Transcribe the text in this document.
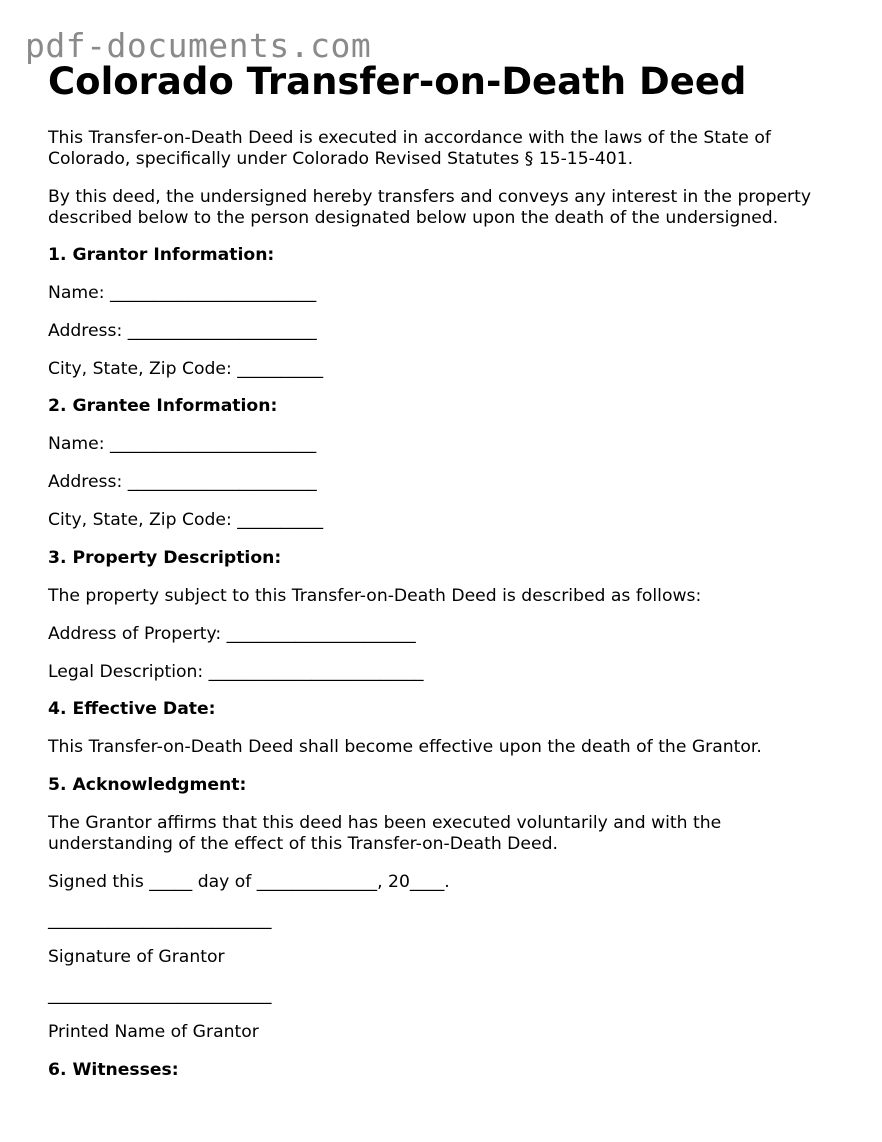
pdf-documents.com
Colorado Transfer-on-Death Deed
This Transfer-on-Death Deed is executed in accordance with the laws of the State of
Colorado, specifically under Colorado Revised Statutes § 15-15-401.
By this deed, the undersigned hereby transfers and conveys any interest in the property
described below to the person designated below upon the death of the undersigned.
1. Grantor Information:
Name: ________________________
Address: ______________________
City, State, Zip Code: __________
2. Grantee Information:
Name: ________________________
Address: ______________________
City, State, Zip Code: __________
3. Property Description:
The property subject to this Transfer-on-Death Deed is described as follows:
Address of Property: ______________________
Legal Description: _________________________
4. Effective Date:
This Transfer-on-Death Deed shall become effective upon the death of the Grantor.
5. Acknowledgment:
The Grantor affirms that this deed has been executed voluntarily and with the
understanding of the effect of this Transfer-on-Death Deed.
Signed this _____ day of ______________, 20____.
__________________________
Signature of Grantor
__________________________
Printed Name of Grantor
6. Witnesses:
